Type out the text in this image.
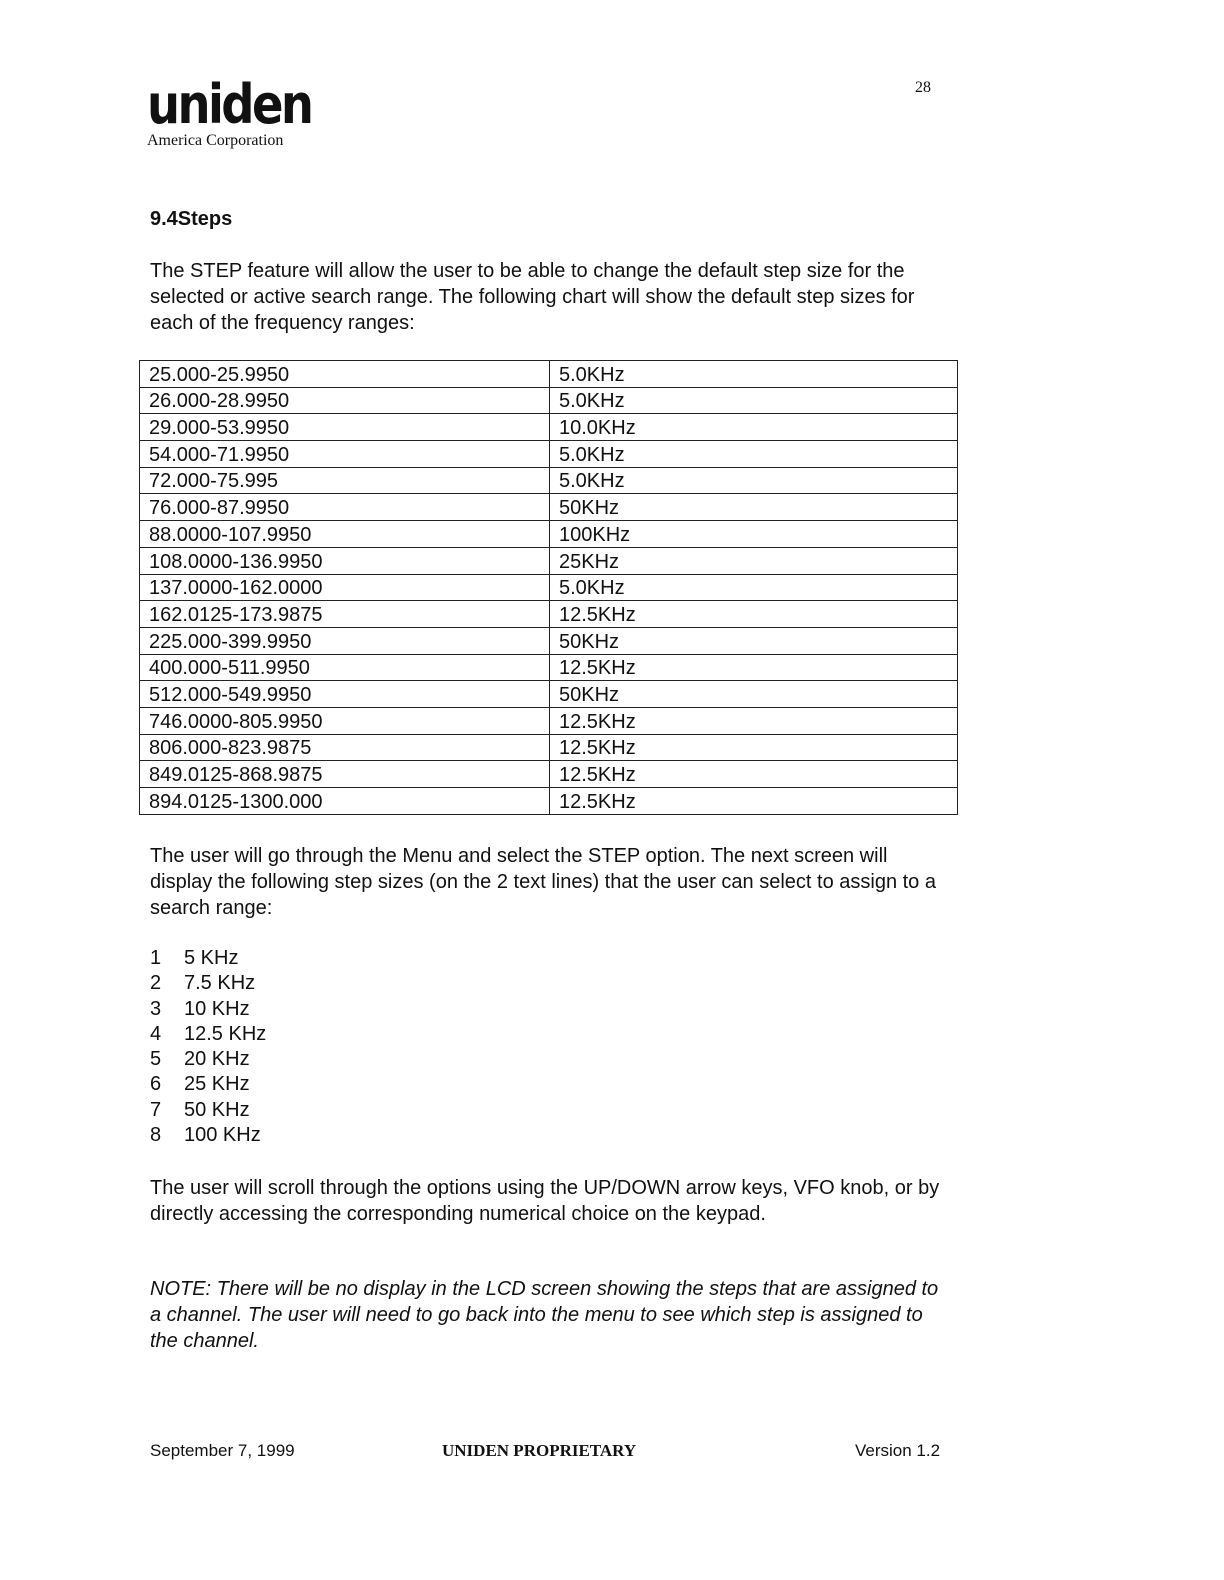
uniden
America Corporation
28
9.4Steps

The STEP feature will allow the user to be able to change the default step size for the selected or active search range. The following chart will show the default step sizes for each of the frequency ranges:

25.000-25.9950	5.0KHz
26.000-28.9950	5.0KHz
29.000-53.9950	10.0KHz
54.000-71.9950	5.0KHz
72.000-75.995	5.0KHz
76.000-87.9950	50KHz
88.0000-107.9950	100KHz
108.0000-136.9950	25KHz
137.0000-162.0000	5.0KHz
162.0125-173.9875	12.5KHz
225.000-399.9950	50KHz
400.000-511.9950	12.5KHz
512.000-549.9950	50KHz
746.0000-805.9950	12.5KHz
806.000-823.9875	12.5KHz
849.0125-868.9875	12.5KHz
894.0125-1300.000	12.5KHz

The user will go through the Menu and select the STEP option. The next screen will display the following step sizes (on the 2 text lines) that the user can select to assign to a search range:

1	5 KHz
2	7.5 KHz
3	10 KHz
4	12.5 KHz
5	20 KHz
6	25 KHz
7	50 KHz
8	100 KHz

The user will scroll through the options using the UP/DOWN arrow keys, VFO knob, or by directly accessing the corresponding numerical choice on the keypad.

NOTE: There will be no display in the LCD screen showing the steps that are assigned to a channel. The user will need to go back into the menu to see which step is assigned to the channel.

September 7, 1999	UNIDEN PROPRIETARY	Version 1.2
